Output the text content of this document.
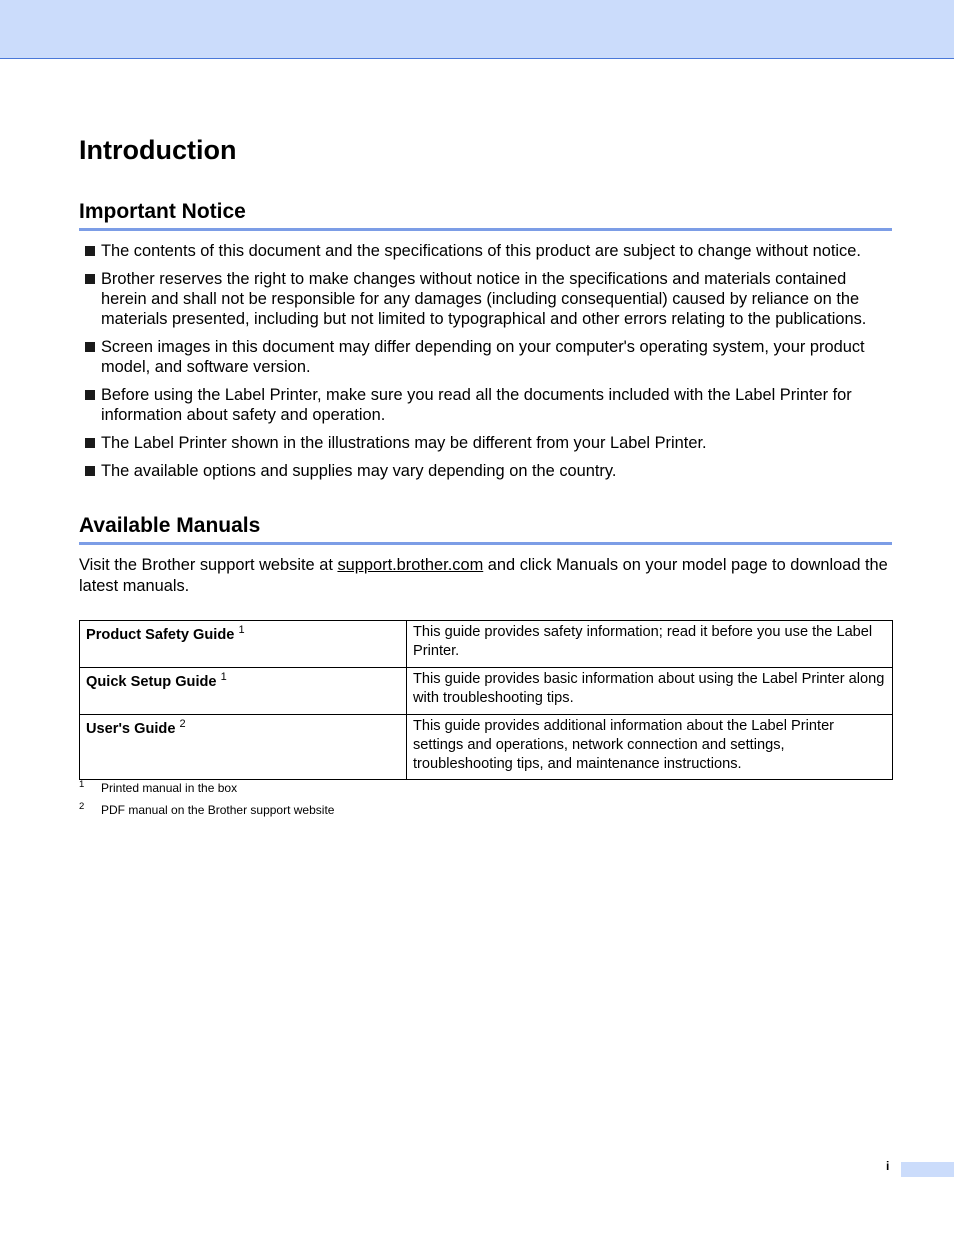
Introduction
Important Notice
The contents of this document and the specifications of this product are subject to change without notice.
Brother reserves the right to make changes without notice in the specifications and materials contained herein and shall not be responsible for any damages (including consequential) caused by reliance on the materials presented, including but not limited to typographical and other errors relating to the publications.
Screen images in this document may differ depending on your computer's operating system, your product model, and software version.
Before using the Label Printer, make sure you read all the documents included with the Label Printer for information about safety and operation.
The Label Printer shown in the illustrations may be different from your Label Printer.
The available options and supplies may vary depending on the country.
Available Manuals

Visit the Brother support website at support.brother.com and click Manuals on your model page to download the latest manuals.

Product Safety Guide $^1$	This guide provides safety information; read it before you use the Label Printer.
Quick Setup Guide $^1$	This guide provides basic information about using the Label Printer along with troubleshooting tips.
User's Guide $^2$	This guide provides additional information about the Label Printer settings and operations, network connection and settings, troubleshooting tips, and maintenance instructions.
1 Printed manual in the box
2 PDF manual on the Brother support website
i
